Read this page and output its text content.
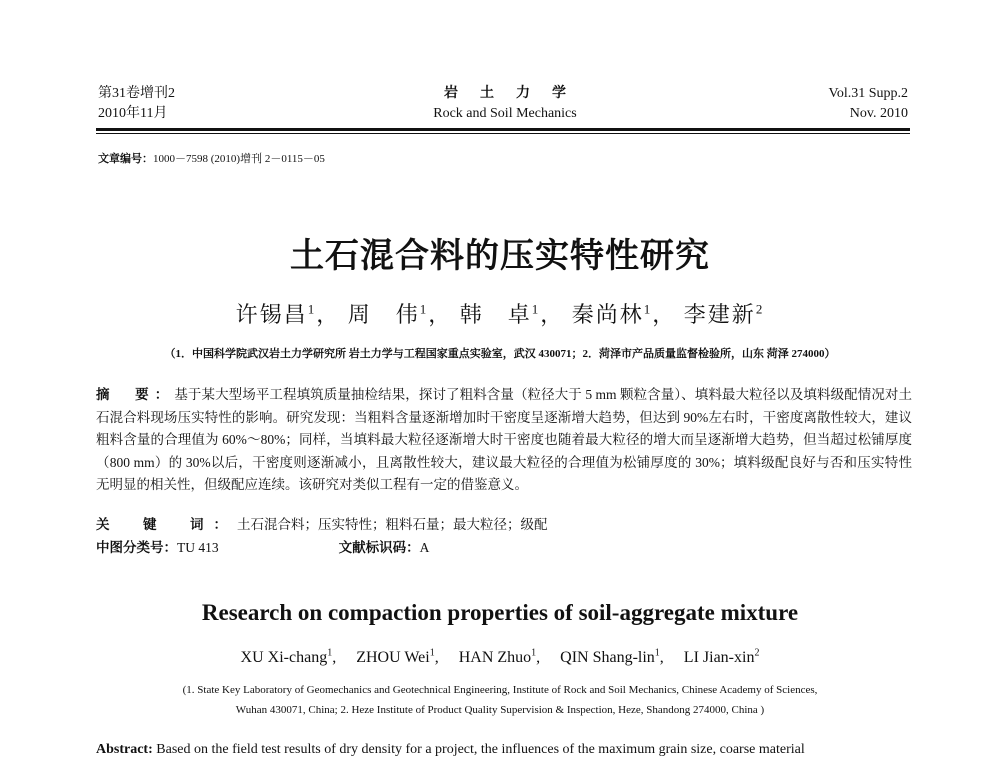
第31卷增刊2
2010年11月
岩土力学
Rock and Soil Mechanics
Vol.31 Supp.2
Nov. 2010
文章编号：1000－7598 (2010)增刊 2－0115－05
土石混合料的压实特性研究
许锡昌$^1$， 周　伟$^1$， 韩　卓$^1$， 秦尚林$^1$， 李建新$^2$
（1．中国科学院武汉岩土力学研究所 岩土力学与工程国家重点实验室，武汉 430071；2．菏泽市产品质量监督检验所，山东 菏泽 274000）
摘　要：基于某大型场平工程填筑质量抽检结果，探讨了粗料含量（粒径大于 5 mm 颗粒含量）、填料最大粒径以及填料级配情况对土石混合料现场压实特性的影响。研究发现：当粗料含量逐渐增加时干密度呈逐渐增大趋势，但达到 90%左右时，干密度离散性较大，建议粗料含量的合理值为 60%～80%；同样，当填料最大粒径逐渐增大时干密度也随着最大粒径的增大而呈逐渐增大趋势，但当超过松铺厚度（800 mm）的 30%以后，干密度则逐渐减小，且离散性较大，建议最大粒径的合理值为松铺厚度的 30%；填料级配良好与否和压实特性无明显的相关性，但级配应连续。该研究对类似工程有一定的借鉴意义。
关　键　词：土石混合料；压实特性；粗料石量；最大粒径；级配
中图分类号：TU 413	文献标识码：A
Research on compaction properties of soil-aggregate mixture
XU Xi-chang$^1$, ZHOU Wei$^1$, HAN Zhuo$^1$, QIN Shang-lin$^1$, LI Jian-xin$^2$
(1. State Key Laboratory of Geomechanics and Geotechnical Engineering, Institute of Rock and Soil Mechanics, Chinese Academy of Sciences,
Wuhan 430071, China; 2. Heze Institute of Product Quality Supervision & Inspection, Heze, Shandong 274000, China )
Abstract: Based on the field test results of dry density for a project, the influences of the maximum grain size, coarse material
